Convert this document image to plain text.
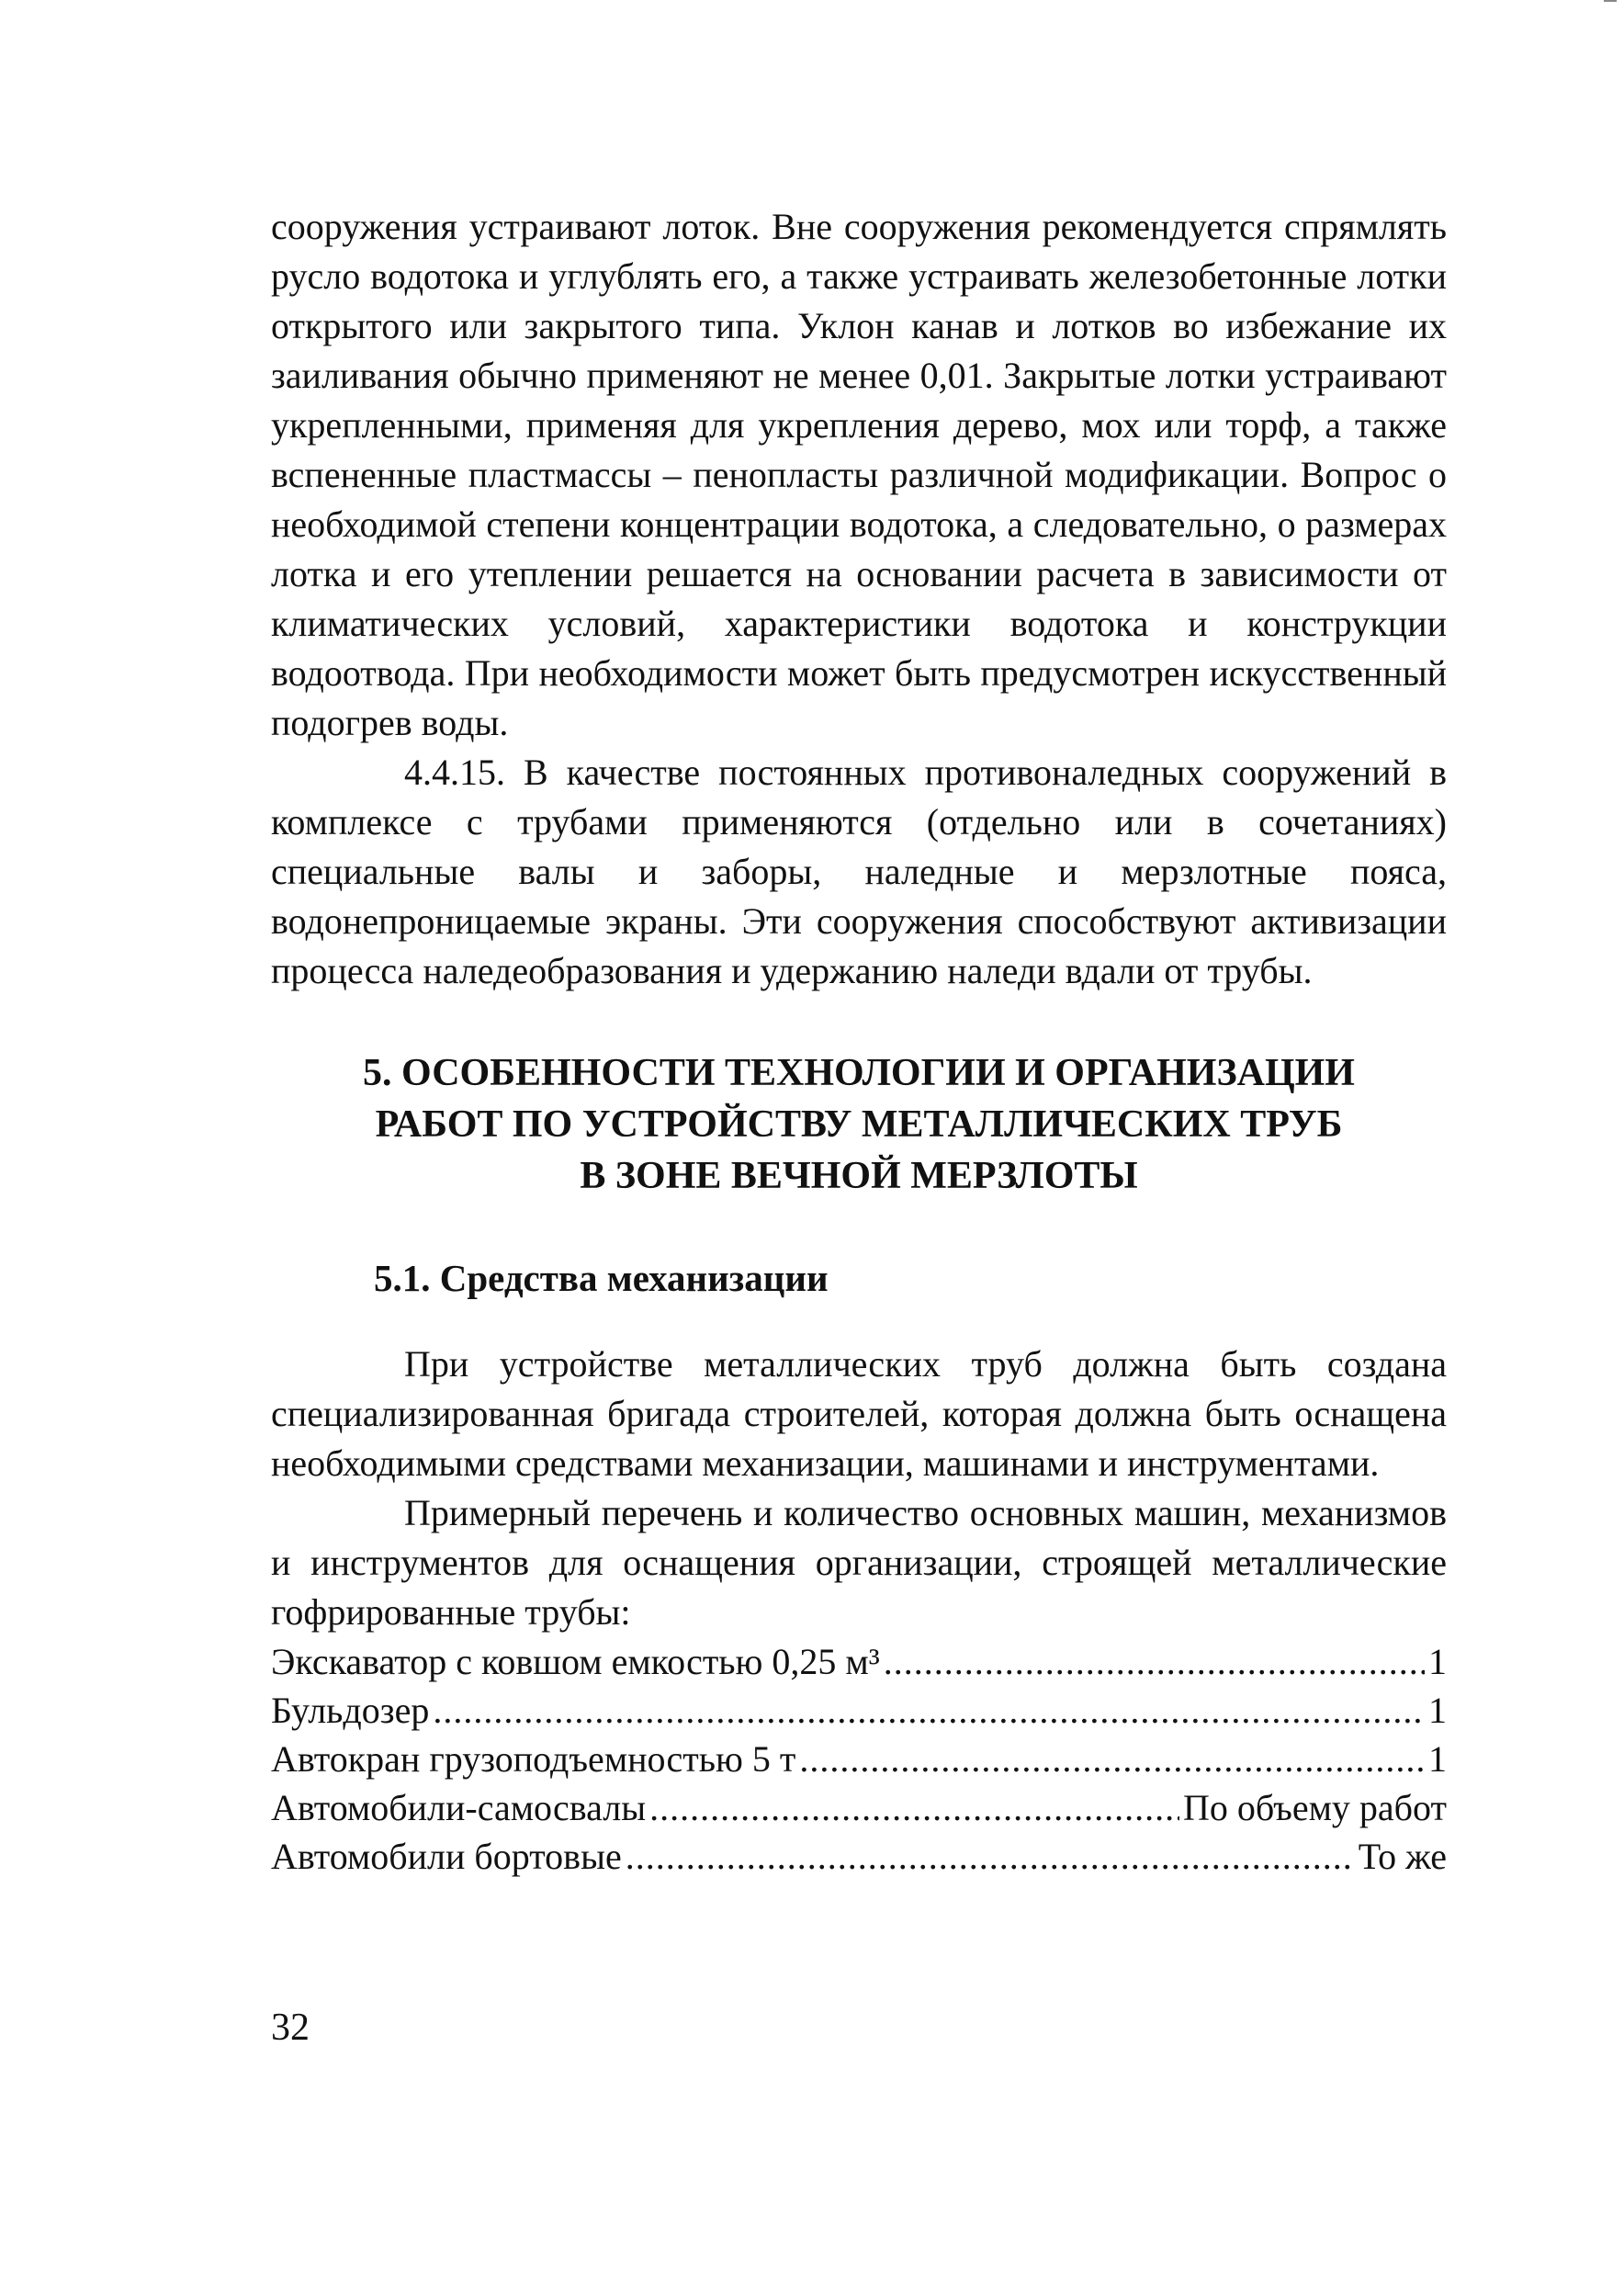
сооружения устраивают лоток. Вне сооружения рекомендуется спрямлять русло водотока и углублять его, а также устраивать железобетонные лотки открытого или закрытого типа. Уклон канав и лотков во избежание их заиливания обычно применяют не менее 0,01. Закрытые лотки устраивают укрепленными, применяя для укрепления дерево, мох или торф, а также вспененные пластмассы – пенопласты различной модификации. Вопрос о необходимой степени концентрации водотока, а следовательно, о размерах лотка и его утеплении решается на основании расчета в зависимости от климатических условий, характеристики водотока и конструкции водоотвода. При необходимости может быть предусмотрен искусственный подогрев воды.

4.4.15. В качестве постоянных противоналедных сооружений в комплексе с трубами применяются (отдельно или в сочетаниях) специальные валы и заборы, наледные и мерзлотные пояса, водонепроницаемые экраны. Эти сооружения способствуют активизации процесса наледеобразования и удержанию наледи вдали от трубы.

5. ОСОБЕННОСТИ ТЕХНОЛОГИИ И ОРГАНИЗАЦИИ
РАБОТ ПО УСТРОЙСТВУ МЕТАЛЛИЧЕСКИХ ТРУБ
В ЗОНЕ ВЕЧНОЙ МЕРЗЛОТЫ
5.1. Средства механизации

При устройстве металлических труб должна быть создана специализированная бригада строителей, которая должна быть оснащена необходимыми средствами механизации, машинами и инструментами.

Примерный перечень и количество основных машин, механизмов и инструментов для оснащения организации, строящей металлические гофрированные трубы:

Экскаватор с ковшом емкостью 0,25 м³ .....	1
Бульдозер .....	1
Автокран грузоподъемностью 5 т .....	1
Автомобили-самосвалы .....	По объему работ
Автомобили бортовые .....	То же
32
